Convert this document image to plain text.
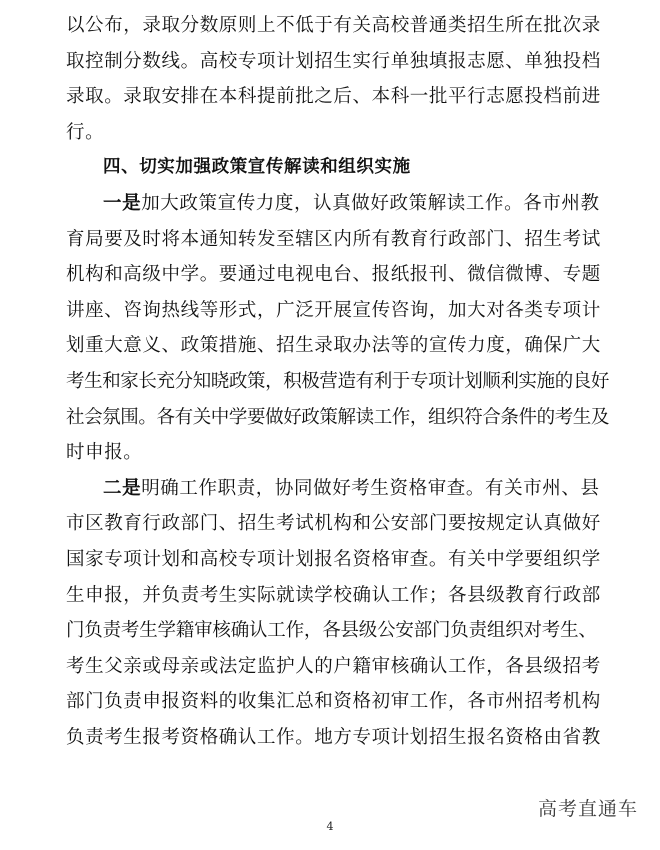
以公布，录取分数原则上不低于有关高校普通类招生所在批次录
取控制分数线。高校专项计划招生实行单独填报志愿、单独投档
录取。录取安排在本科提前批之后、本科一批平行志愿投档前进
行。
四、切实加强政策宣传解读和组织实施
一是加大政策宣传力度，认真做好政策解读工作。各市州教
育局要及时将本通知转发至辖区内所有教育行政部门、招生考试
机构和高级中学。要通过电视电台、报纸报刊、微信微博、专题
讲座、咨询热线等形式，广泛开展宣传咨询，加大对各类专项计
划重大意义、政策措施、招生录取办法等的宣传力度，确保广大
考生和家长充分知晓政策，积极营造有利于专项计划顺利实施的良好
社会氛围。各有关中学要做好政策解读工作，组织符合条件的考生及
时申报。
二是明确工作职责，协同做好考生资格审查。有关市州、县
市区教育行政部门、招生考试机构和公安部门要按规定认真做好
国家专项计划和高校专项计划报名资格审查。有关中学要组织学
生申报，并负责考生实际就读学校确认工作；各县级教育行政部
门负责考生学籍审核确认工作，各县级公安部门负责组织对考生、
考生父亲或母亲或法定监护人的户籍审核确认工作，各县级招考
部门负责申报资料的收集汇总和资格初审工作，各市州招考机构
负责考生报考资格确认工作。地方专项计划招生报名资格由省教
高考直通车
4
